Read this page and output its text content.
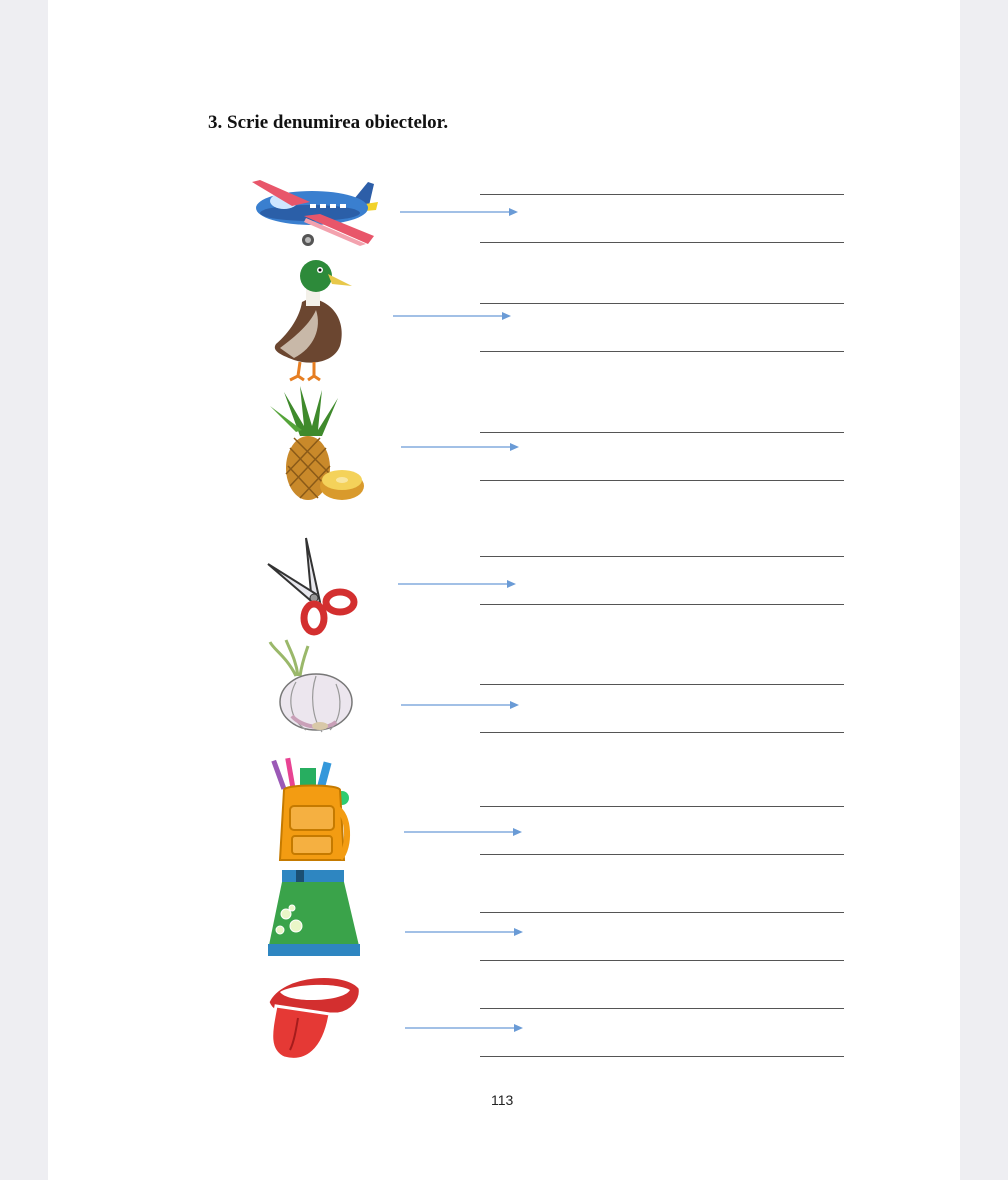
3. Scrie denumirea obiectelor.
113
